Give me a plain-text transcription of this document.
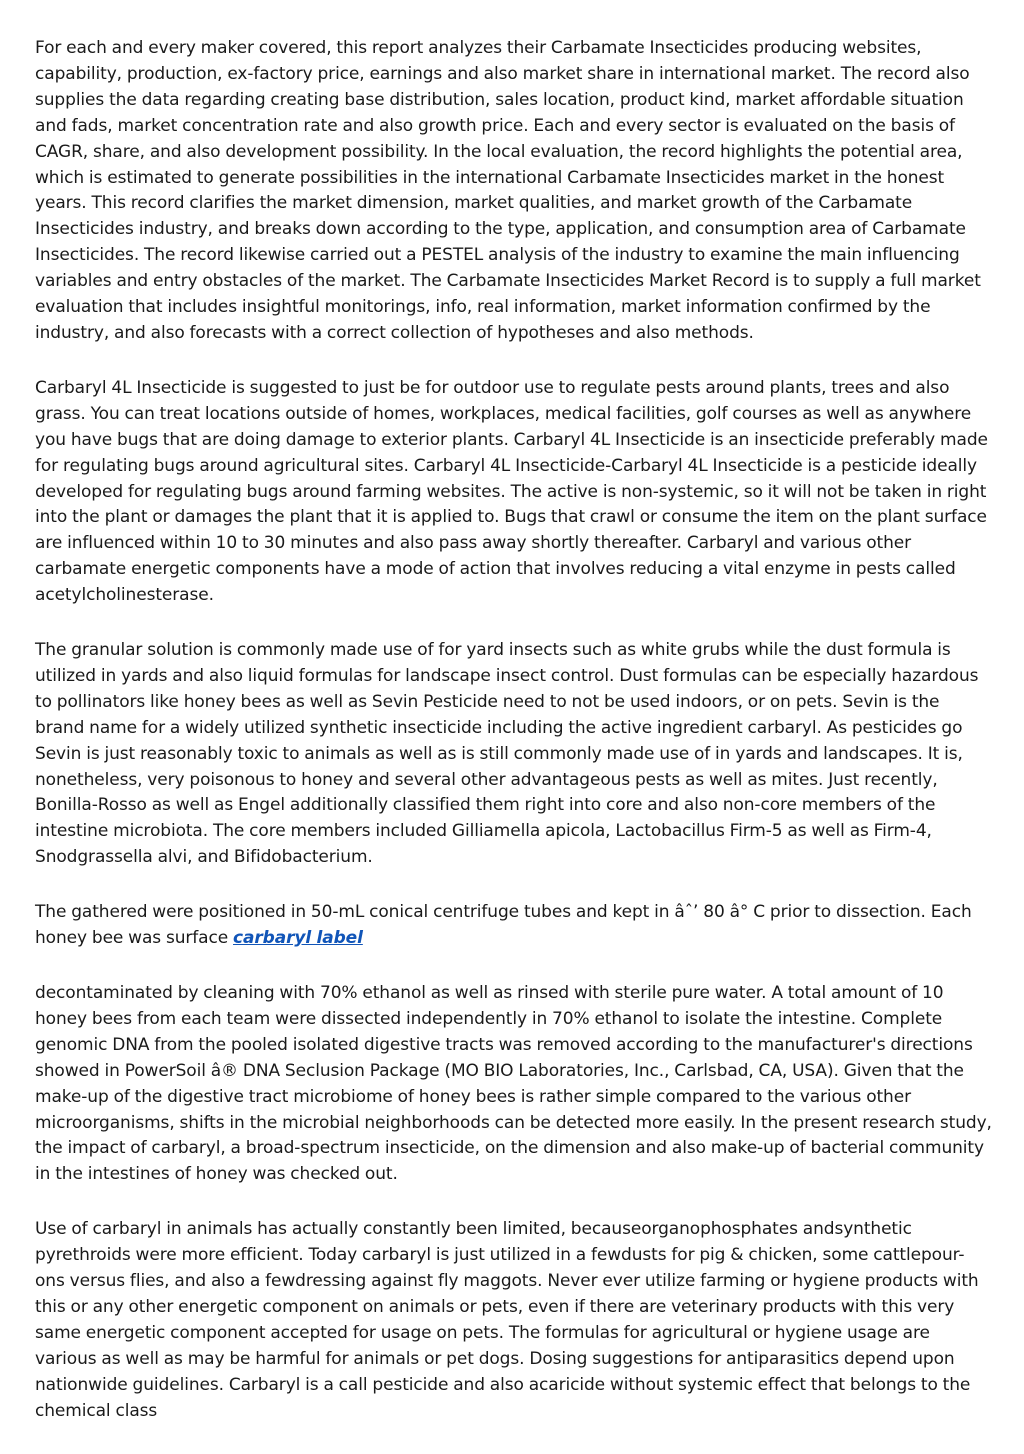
For each and every maker covered, this report analyzes their Carbamate Insecticides producing websites, capability, production, ex-factory price, earnings and also market share in international market. The record also supplies the data regarding creating base distribution, sales location, product kind, market affordable situation and fads, market concentration rate and also growth price. Each and every sector is evaluated on the basis of CAGR, share, and also development possibility. In the local evaluation, the record highlights the potential area, which is estimated to generate possibilities in the international Carbamate Insecticides market in the honest years. This record clarifies the market dimension, market qualities, and market growth of the Carbamate Insecticides industry, and breaks down according to the type, application, and consumption area of Carbamate Insecticides. The record likewise carried out a PESTEL analysis of the industry to examine the main influencing variables and entry obstacles of the market. The Carbamate Insecticides Market Record is to supply a full market evaluation that includes insightful monitorings, info, real information, market information confirmed by the industry, and also forecasts with a correct collection of hypotheses and also methods.

Carbaryl 4L Insecticide is suggested to just be for outdoor use to regulate pests around plants, trees and also grass. You can treat locations outside of homes, workplaces, medical facilities, golf courses as well as anywhere you have bugs that are doing damage to exterior plants. Carbaryl 4L Insecticide is an insecticide preferably made for regulating bugs around agricultural sites. Carbaryl 4L Insecticide-Carbaryl 4L Insecticide is a pesticide ideally developed for regulating bugs around farming websites. The active is non-systemic, so it will not be taken in right into the plant or damages the plant that it is applied to. Bugs that crawl or consume the item on the plant surface are influenced within 10 to 30 minutes and also pass away shortly thereafter. Carbaryl and various other carbamate energetic components have a mode of action that involves reducing a vital enzyme in pests called acetylcholinesterase.

The granular solution is commonly made use of for yard insects such as white grubs while the dust formula is utilized in yards and also liquid formulas for landscape insect control. Dust formulas can be especially hazardous to pollinators like honey bees as well as Sevin Pesticide need to not be used indoors, or on pets. Sevin is the brand name for a widely utilized synthetic insecticide including the active ingredient carbaryl. As pesticides go Sevin is just reasonably toxic to animals as well as is still commonly made use of in yards and landscapes. It is, nonetheless, very poisonous to honey and several other advantageous pests as well as mites. Just recently, Bonilla-Rosso as well as Engel additionally classified them right into core and also non-core members of the intestine microbiota. The core members included Gilliamella apicola, Lactobacillus Firm-5 as well as Firm-4, Snodgrassella alvi, and Bifidobacterium.

The gathered were positioned in 50-mL conical centrifuge tubes and kept in âˆ’ 80 â° C prior to dissection. Each honey bee was surface carbaryl label

decontaminated by cleaning with 70% ethanol as well as rinsed with sterile pure water. A total amount of 10 honey bees from each team were dissected independently in 70% ethanol to isolate the intestine. Complete genomic DNA from the pooled isolated digestive tracts was removed according to the manufacturer's directions showed in PowerSoil â® DNA Seclusion Package (MO BIO Laboratories, Inc., Carlsbad, CA, USA). Given that the make-up of the digestive tract microbiome of honey bees is rather simple compared to the various other microorganisms, shifts in the microbial neighborhoods can be detected more easily. In the present research study, the impact of carbaryl, a broad-spectrum insecticide, on the dimension and also make-up of bacterial community in the intestines of honey was checked out.

Use of carbaryl in animals has actually constantly been limited, becauseorganophosphates andsynthetic pyrethroids were more efficient. Today carbaryl is just utilized in a fewdusts for pig & chicken, some cattlepour-ons versus flies, and also a fewdressing against fly maggots. Never ever utilize farming or hygiene products with this or any other energetic component on animals or pets, even if there are veterinary products with this very same energetic component accepted for usage on pets. The formulas for agricultural or hygiene usage are various as well as may be harmful for animals or pet dogs. Dosing suggestions for antiparasitics depend upon nationwide guidelines. Carbaryl is a call pesticide and also acaricide without systemic effect that belongs to the chemical class
